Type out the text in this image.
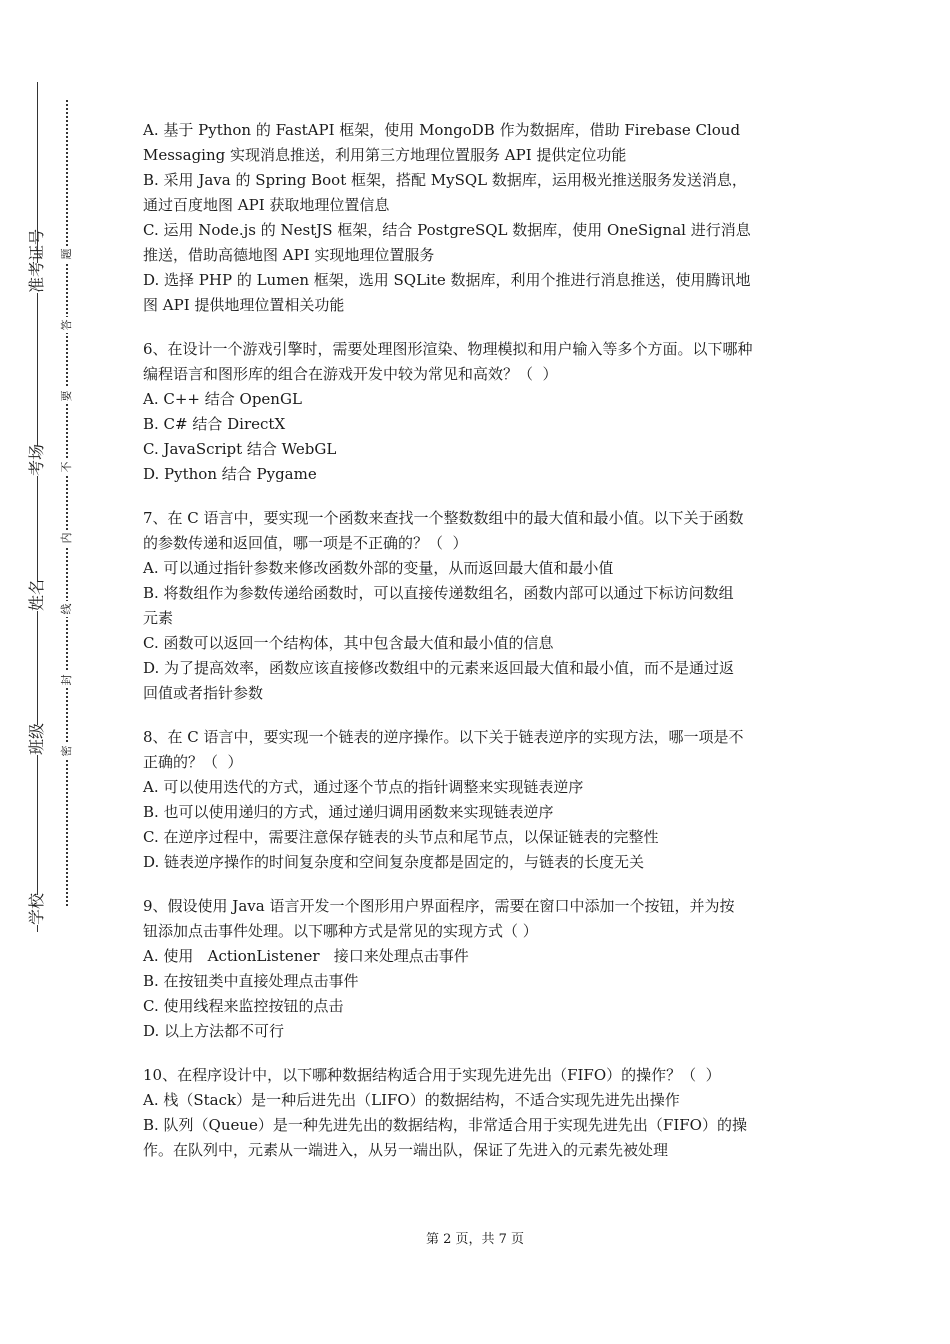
准考证号
考场
姓名
班级
学校
题
答
要
不
内
线
封
密

A. 基于 Python 的 FastAPI 框架，使用 MongoDB 作为数据库，借助 Firebase Cloud

Messaging 实现消息推送，利用第三方地理位置服务 API 提供定位功能

B. 采用 Java 的 Spring Boot 框架，搭配 MySQL 数据库，运用极光推送服务发送消息，

通过百度地图 API 获取地理位置信息

C. 运用 Node.js 的 NestJS 框架，结合 PostgreSQL 数据库，使用 OneSignal 进行消息

推送，借助高德地图 API 实现地理位置服务

D. 选择 PHP 的 Lumen 框架，选用 SQLite 数据库，利用个推进行消息推送，使用腾讯地

图 API 提供地理位置相关功能

6、在设计一个游戏引擎时，需要处理图形渲染、物理模拟和用户输入等多个方面。以下哪种

编程语言和图形库的组合在游戏开发中较为常见和高效？（  ）

A. C++ 结合 OpenGL

B. C# 结合 DirectX

C. JavaScript 结合 WebGL

D. Python 结合 Pygame

7、在 C 语言中，要实现一个函数来查找一个整数数组中的最大值和最小值。以下关于函数

的参数传递和返回值，哪一项是不正确的？（  ）

A. 可以通过指针参数来修改函数外部的变量，从而返回最大值和最小值

B. 将数组作为参数传递给函数时，可以直接传递数组名，函数内部可以通过下标访问数组

元素

C. 函数可以返回一个结构体，其中包含最大值和最小值的信息

D. 为了提高效率，函数应该直接修改数组中的元素来返回最大值和最小值，而不是通过返

回值或者指针参数

8、在 C 语言中，要实现一个链表的逆序操作。以下关于链表逆序的实现方法，哪一项是不

正确的？（  ）

A. 可以使用迭代的方式，通过逐个节点的指针调整来实现链表逆序

B. 也可以使用递归的方式，通过递归调用函数来实现链表逆序

C. 在逆序过程中，需要注意保存链表的头节点和尾节点，以保证链表的完整性

D. 链表逆序操作的时间复杂度和空间复杂度都是固定的，与链表的长度无关

9、假设使用 Java 语言开发一个图形用户界面程序，需要在窗口中添加一个按钮，并为按

钮添加点击事件处理。以下哪种方式是常见的实现方式（ ）

A. 使用   ActionListener   接口来处理点击事件

B. 在按钮类中直接处理点击事件

C. 使用线程来监控按钮的点击

D. 以上方法都不可行

10、在程序设计中，以下哪种数据结构适合用于实现先进先出（FIFO）的操作？（  ）

A. 栈（Stack）是一种后进先出（LIFO）的数据结构，不适合实现先进先出操作

B. 队列（Queue）是一种先进先出的数据结构，非常适合用于实现先进先出（FIFO）的操

作。在队列中，元素从一端进入，从另一端出队，保证了先进入的元素先被处理

第 2 页，共 7 页
